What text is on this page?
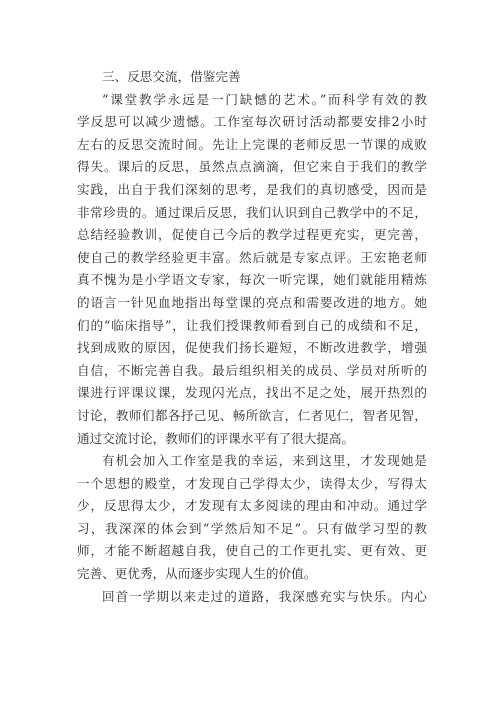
三、反思交流，借鉴完善
“课堂教学永远是一门缺憾的艺术。”而科学有效的教
学反思可以减少遗憾。工作室每次研讨活动都要安排2小时
左右的反思交流时间。先让上完课的老师反思一节课的成败
得失。课后的反思，虽然点点滴滴，但它来自于我们的教学
实践，出自于我们深刻的思考，是我们的真切感受，因而是
非常珍贵的。通过课后反思，我们认识到自己教学中的不足，
总结经验教训，促使自己今后的教学过程更充实，更完善，
使自己的教学经验更丰富。然后就是专家点评。王宏艳老师
真不愧为是小学语文专家，每次一听完课，她们就能用精炼
的语言一针见血地指出每堂课的亮点和需要改进的地方。她
们的“临床指导”，让我们授课教师看到自己的成绩和不足，
找到成败的原因，促使我们扬长避短，不断改进教学，增强
自信，不断完善自我。最后组织相关的成员、学员对所听的
课进行评课议课，发现闪光点，找出不足之处，展开热烈的
讨论，教师们都各抒己见、畅所欲言，仁者见仁，智者见智，
通过交流讨论，教师们的评课水平有了很大提高。
有机会加入工作室是我的幸运，来到这里，才发现她是
一个思想的殿堂，才发现自己学得太少，读得太少，写得太
少，反思得太少，才发现有太多阅读的理由和冲动。通过学
习，我深深的体会到“学然后知不足”。只有做学习型的教
师，才能不断超越自我，使自己的工作更扎实、更有效、更
完善、更优秀，从而逐步实现人生的价值。
回首一学期以来走过的道路，我深感充实与快乐。内心
